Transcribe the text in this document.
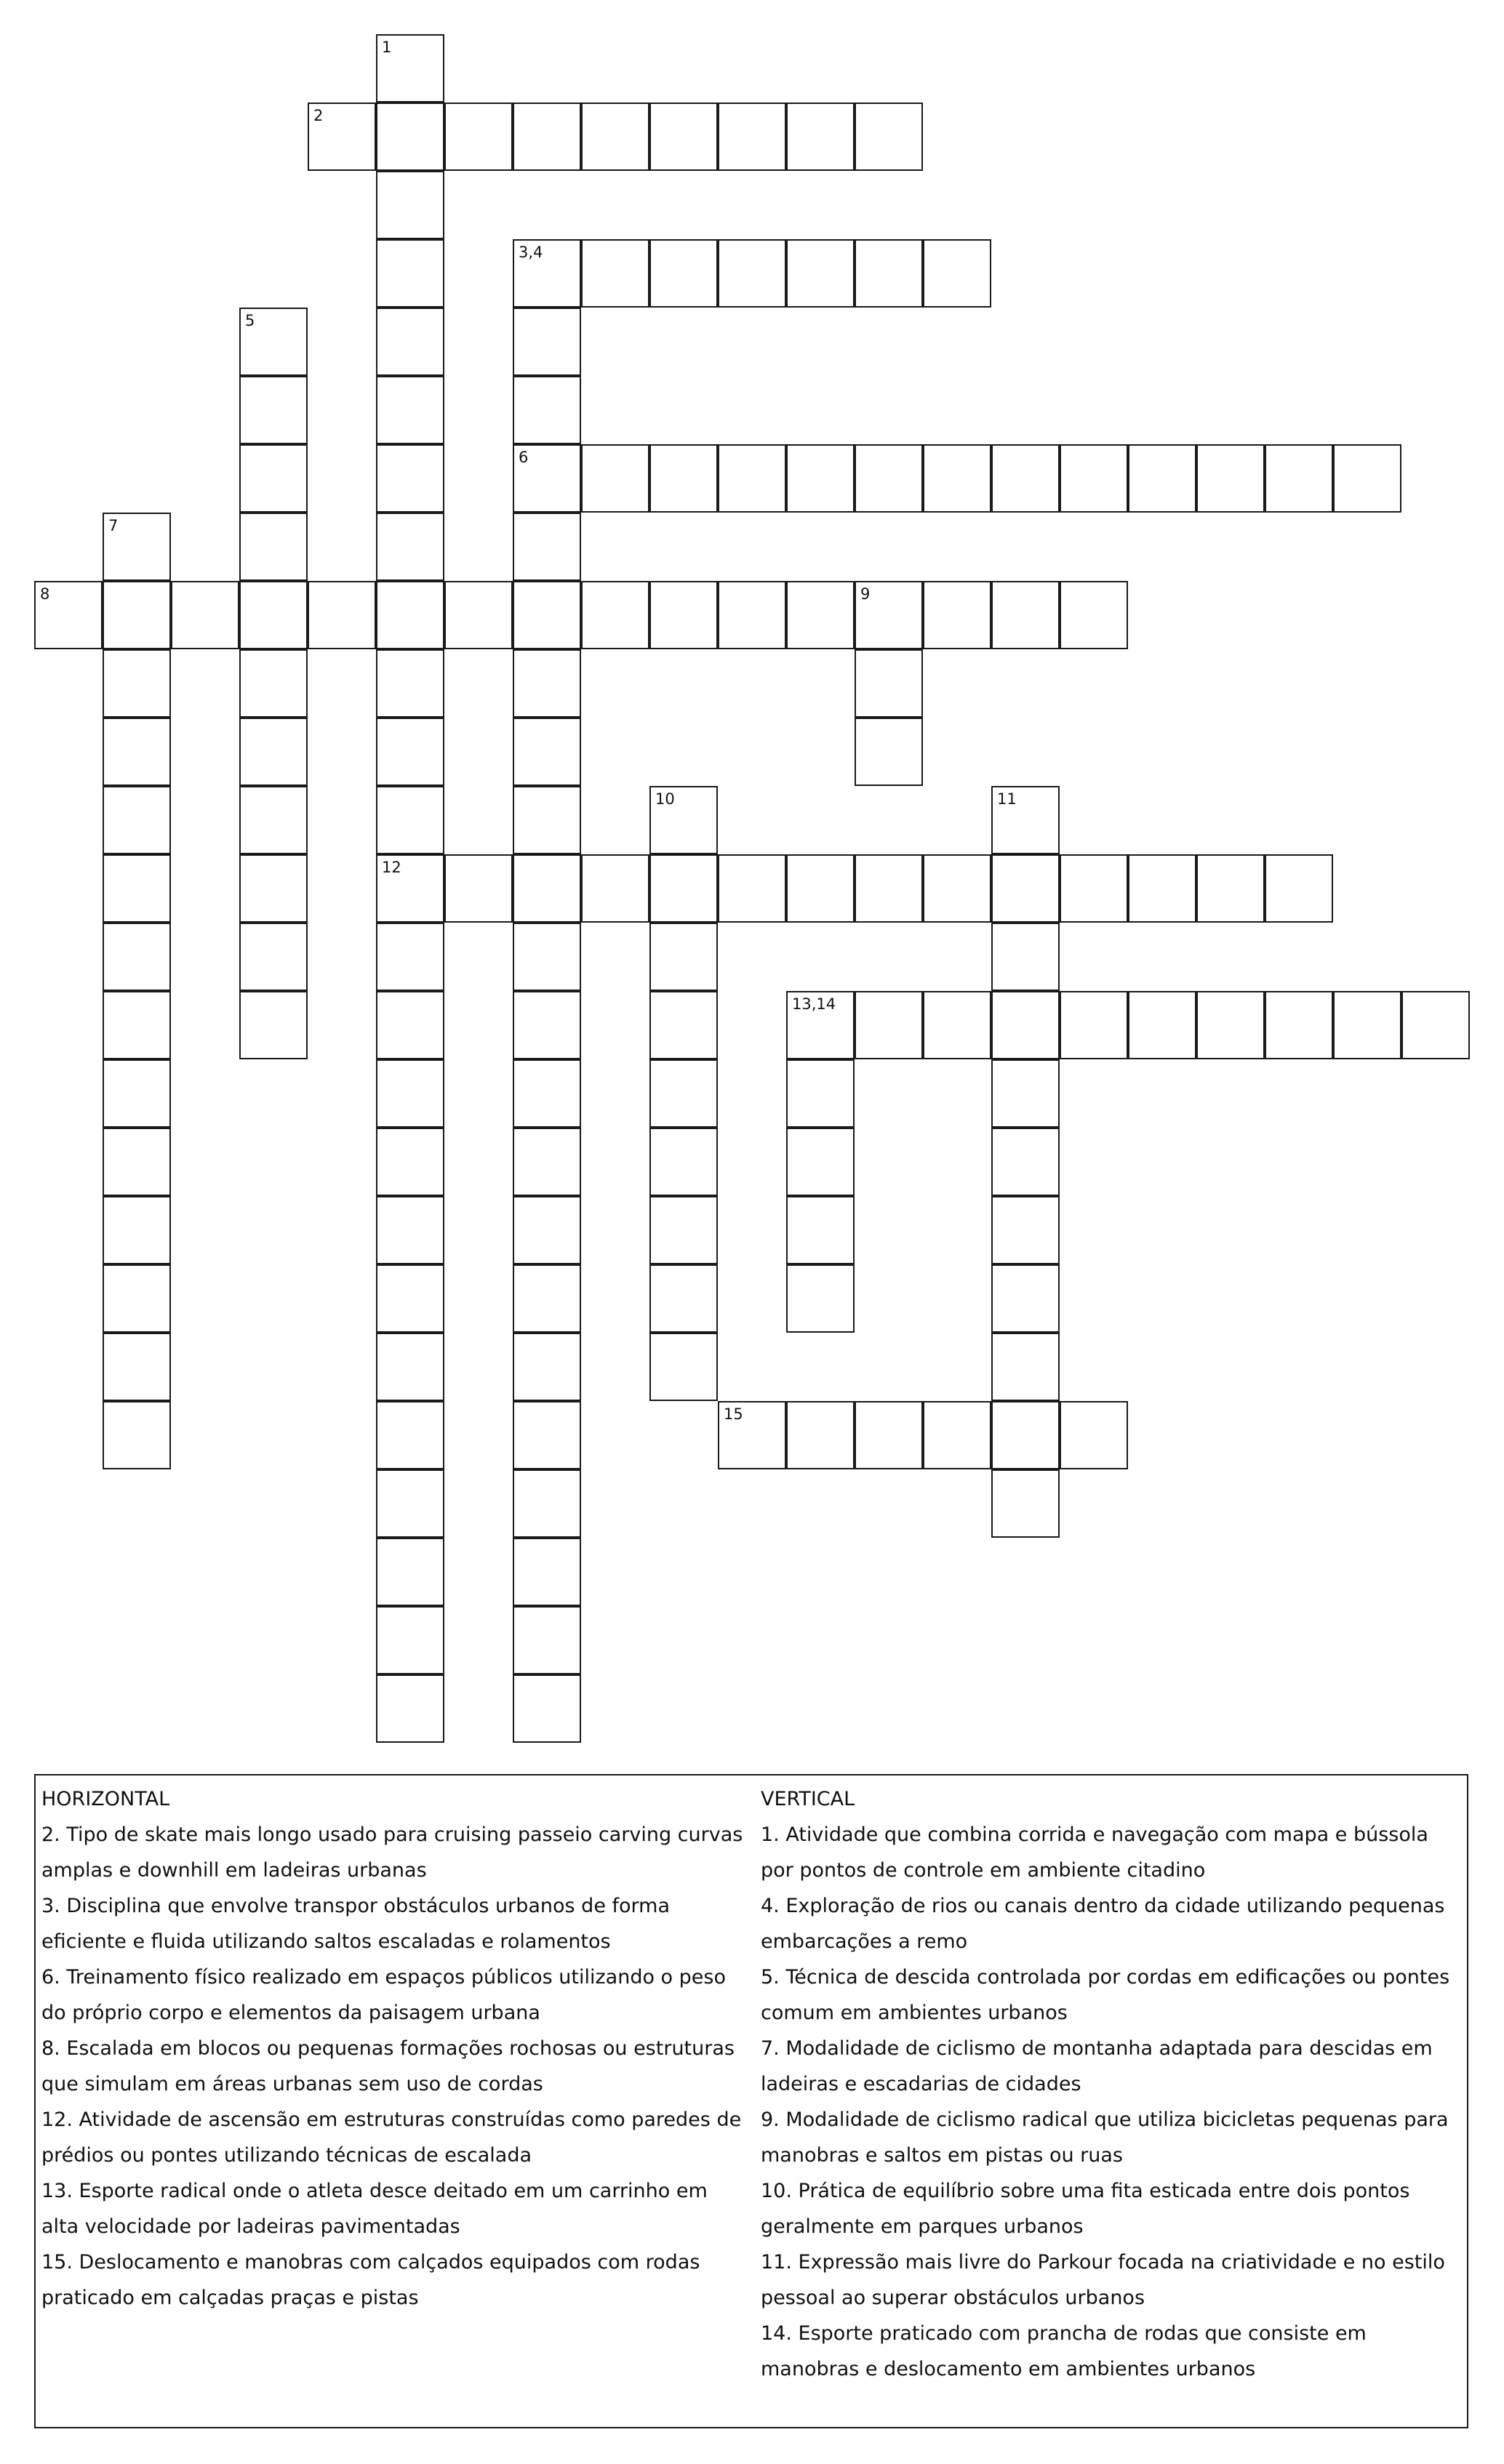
1
12
2
3,4
6
5
7
8	9
10	11
13,14
15
HORIZONTAL
2. Tipo de skate mais longo usado para cruising passeio carving curvas amplas e downhill em ladeiras urbanas
3. Disciplina que envolve transpor obstáculos urbanos de forma eficiente e fluida utilizando saltos escaladas e rolamentos
6. Treinamento físico realizado em espaços públicos utilizando o peso do próprio corpo e elementos da paisagem urbana
8. Escalada em blocos ou pequenas formações rochosas ou estruturas que simulam em áreas urbanas sem uso de cordas
12. Atividade de ascensão em estruturas construídas como paredes de prédios ou pontes utilizando técnicas de escalada
13. Esporte radical onde o atleta desce deitado em um carrinho em alta velocidade por ladeiras pavimentadas
15. Deslocamento e manobras com calçados equipados com rodas praticado em calçadas praças e pistas
VERTICAL
1. Atividade que combina corrida e navegação com mapa e bússola por pontos de controle em ambiente citadino
4. Exploração de rios ou canais dentro da cidade utilizando pequenas embarcações a remo
5. Técnica de descida controlada por cordas em edificações ou pontes comum em ambientes urbanos
7. Modalidade de ciclismo de montanha adaptada para descidas em ladeiras e escadarias de cidades
9. Modalidade de ciclismo radical que utiliza bicicletas pequenas para manobras e saltos em pistas ou ruas
10. Prática de equilíbrio sobre uma fita esticada entre dois pontos geralmente em parques urbanos
11. Expressão mais livre do Parkour focada na criatividade e no estilo pessoal ao superar obstáculos urbanos
14. Esporte praticado com prancha de rodas que consiste em manobras e deslocamento em ambientes urbanos
